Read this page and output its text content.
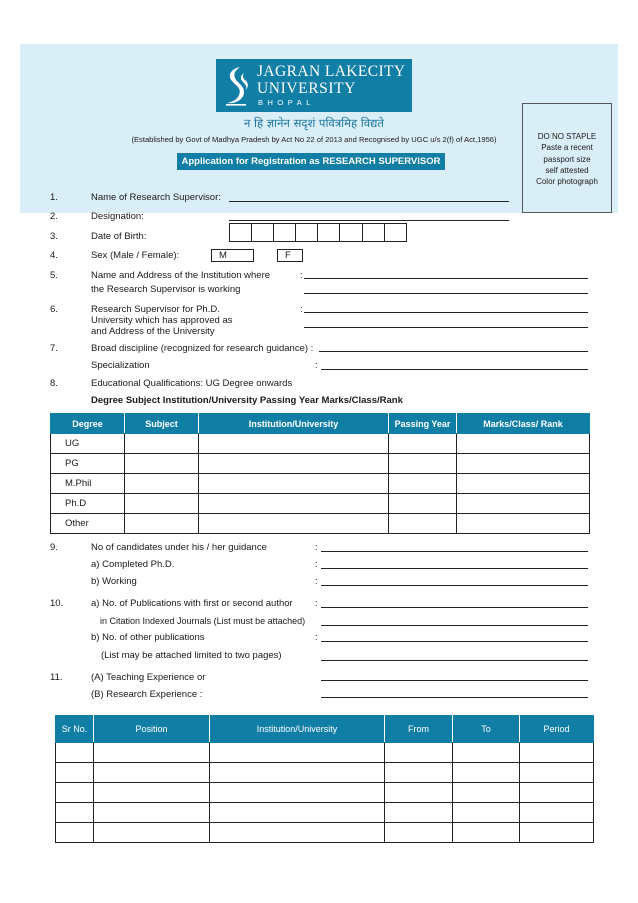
JAGRAN LAKECITY
UNIVERSITY
BHOPAL
न हि ज्ञानेन सदृशं पवित्रमिह विद्यते
(Established by Govt of Madhya Pradesh by Act No 22 of 2013 and Recognised by UGC u/s 2(f) of Act,1956)
Application for Registration as RESEARCH SUPERVISOR
DO NO STAPLE
Paste a recent
passport size
self attested
Color photograph
1.	Name of Research Supervisor:
2.	Designation:
3.	Date of Birth:
4.	Sex (Male / Female):	M	F
5.	Name and Address of the Institution where
the Research Supervisor is working
:
6.	Research Supervisor for Ph.D.
University which has approved as
and Address of the University
:
7.	Broad discipline (recognized for research guidance) :
Specialization	:
8.	Educational Qualifications: UG Degree onwards
Degree Subject Institution/University Passing Year Marks/Class/Rank
Degree	Subject	Institution/University	Passing Year	Marks/Class/ Rank
UG				
PG				
M.Phil				
Ph.D				
Other				
9.	No of candidates under his / her guidance	:
a) Completed Ph.D.	:
b) Working	:
10.	a) No. of Publications with first or second author :
in Citation Indexed Journals (List must be attached)
b) No. of other publications	:
(List may be attached limited to two pages)
11.	(A) Teaching Experience or
(B) Research Experience :
Sr No.	Position	Institution/University	From	To	Period
